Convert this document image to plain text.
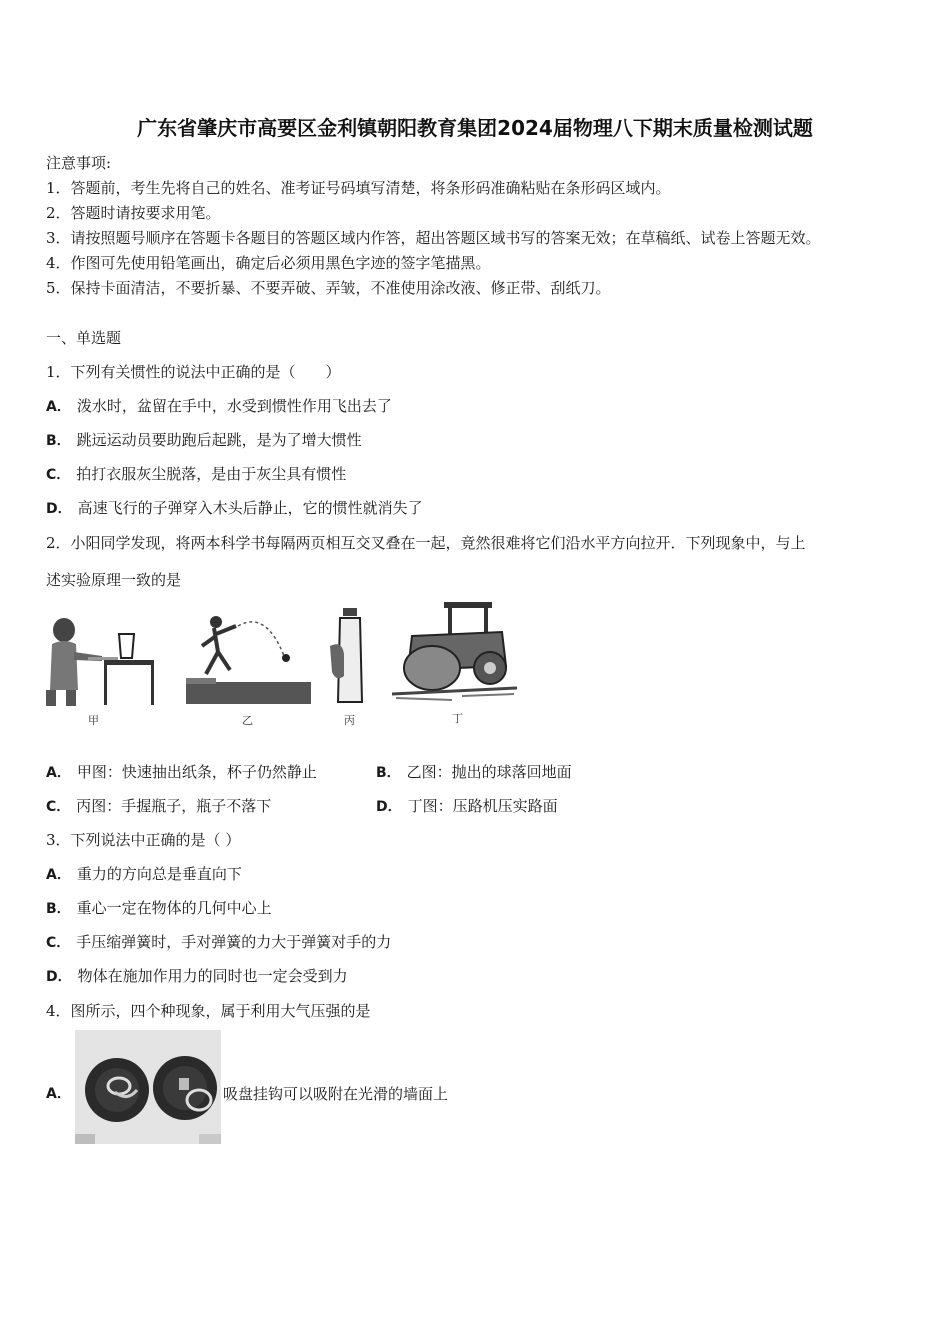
广东省肇庆市高要区金利镇朝阳教育集团2024届物理八下期末质量检测试题
注意事项:
1．答题前，考生先将自己的姓名、准考证号码填写清楚，将条形码准确粘贴在条形码区域内。
2．答题时请按要求用笔。
3．请按照题号顺序在答题卡各题目的答题区域内作答，超出答题区域书写的答案无效；在草稿纸、试卷上答题无效。
4．作图可先使用铅笔画出，确定后必须用黑色字迹的签字笔描黑。
5．保持卡面清洁，不要折暴、不要弄破、弄皱，不准使用涂改液、修正带、刮纸刀。
一、单选题
1．下列有关惯性的说法中正确的是（　　）
A． 泼水时，盆留在手中，水受到惯性作用飞出去了
B． 跳远运动员要助跑后起跳，是为了增大惯性
C． 拍打衣服灰尘脱落，是由于灰尘具有惯性
D． 高速飞行的子弹穿入木头后静止，它的惯性就消失了
2．小阳同学发现，将两本科学书每隔两页相互交叉叠在一起，竟然很难将它们沿水平方向拉开．下列现象中，与上
述实验原理一致的是
甲	乙	丙	丁
A． 甲图：快速抽出纸条，杯子仍然静止	B． 乙图：抛出的球落回地面
C． 丙图：手握瓶子，瓶子不落下	D． 丁图：压路机压实路面
3．下列说法中正确的是（ ）
A． 重力的方向总是垂直向下
B． 重心一定在物体的几何中心上
C． 手压缩弹簧时，手对弹簧的力大于弹簧对手的力
D． 物体在施加作用力的同时也一定会受到力
4．图所示，四个种现象，属于利用大气压强的是
A．	吸盘挂钩可以吸附在光滑的墙面上
